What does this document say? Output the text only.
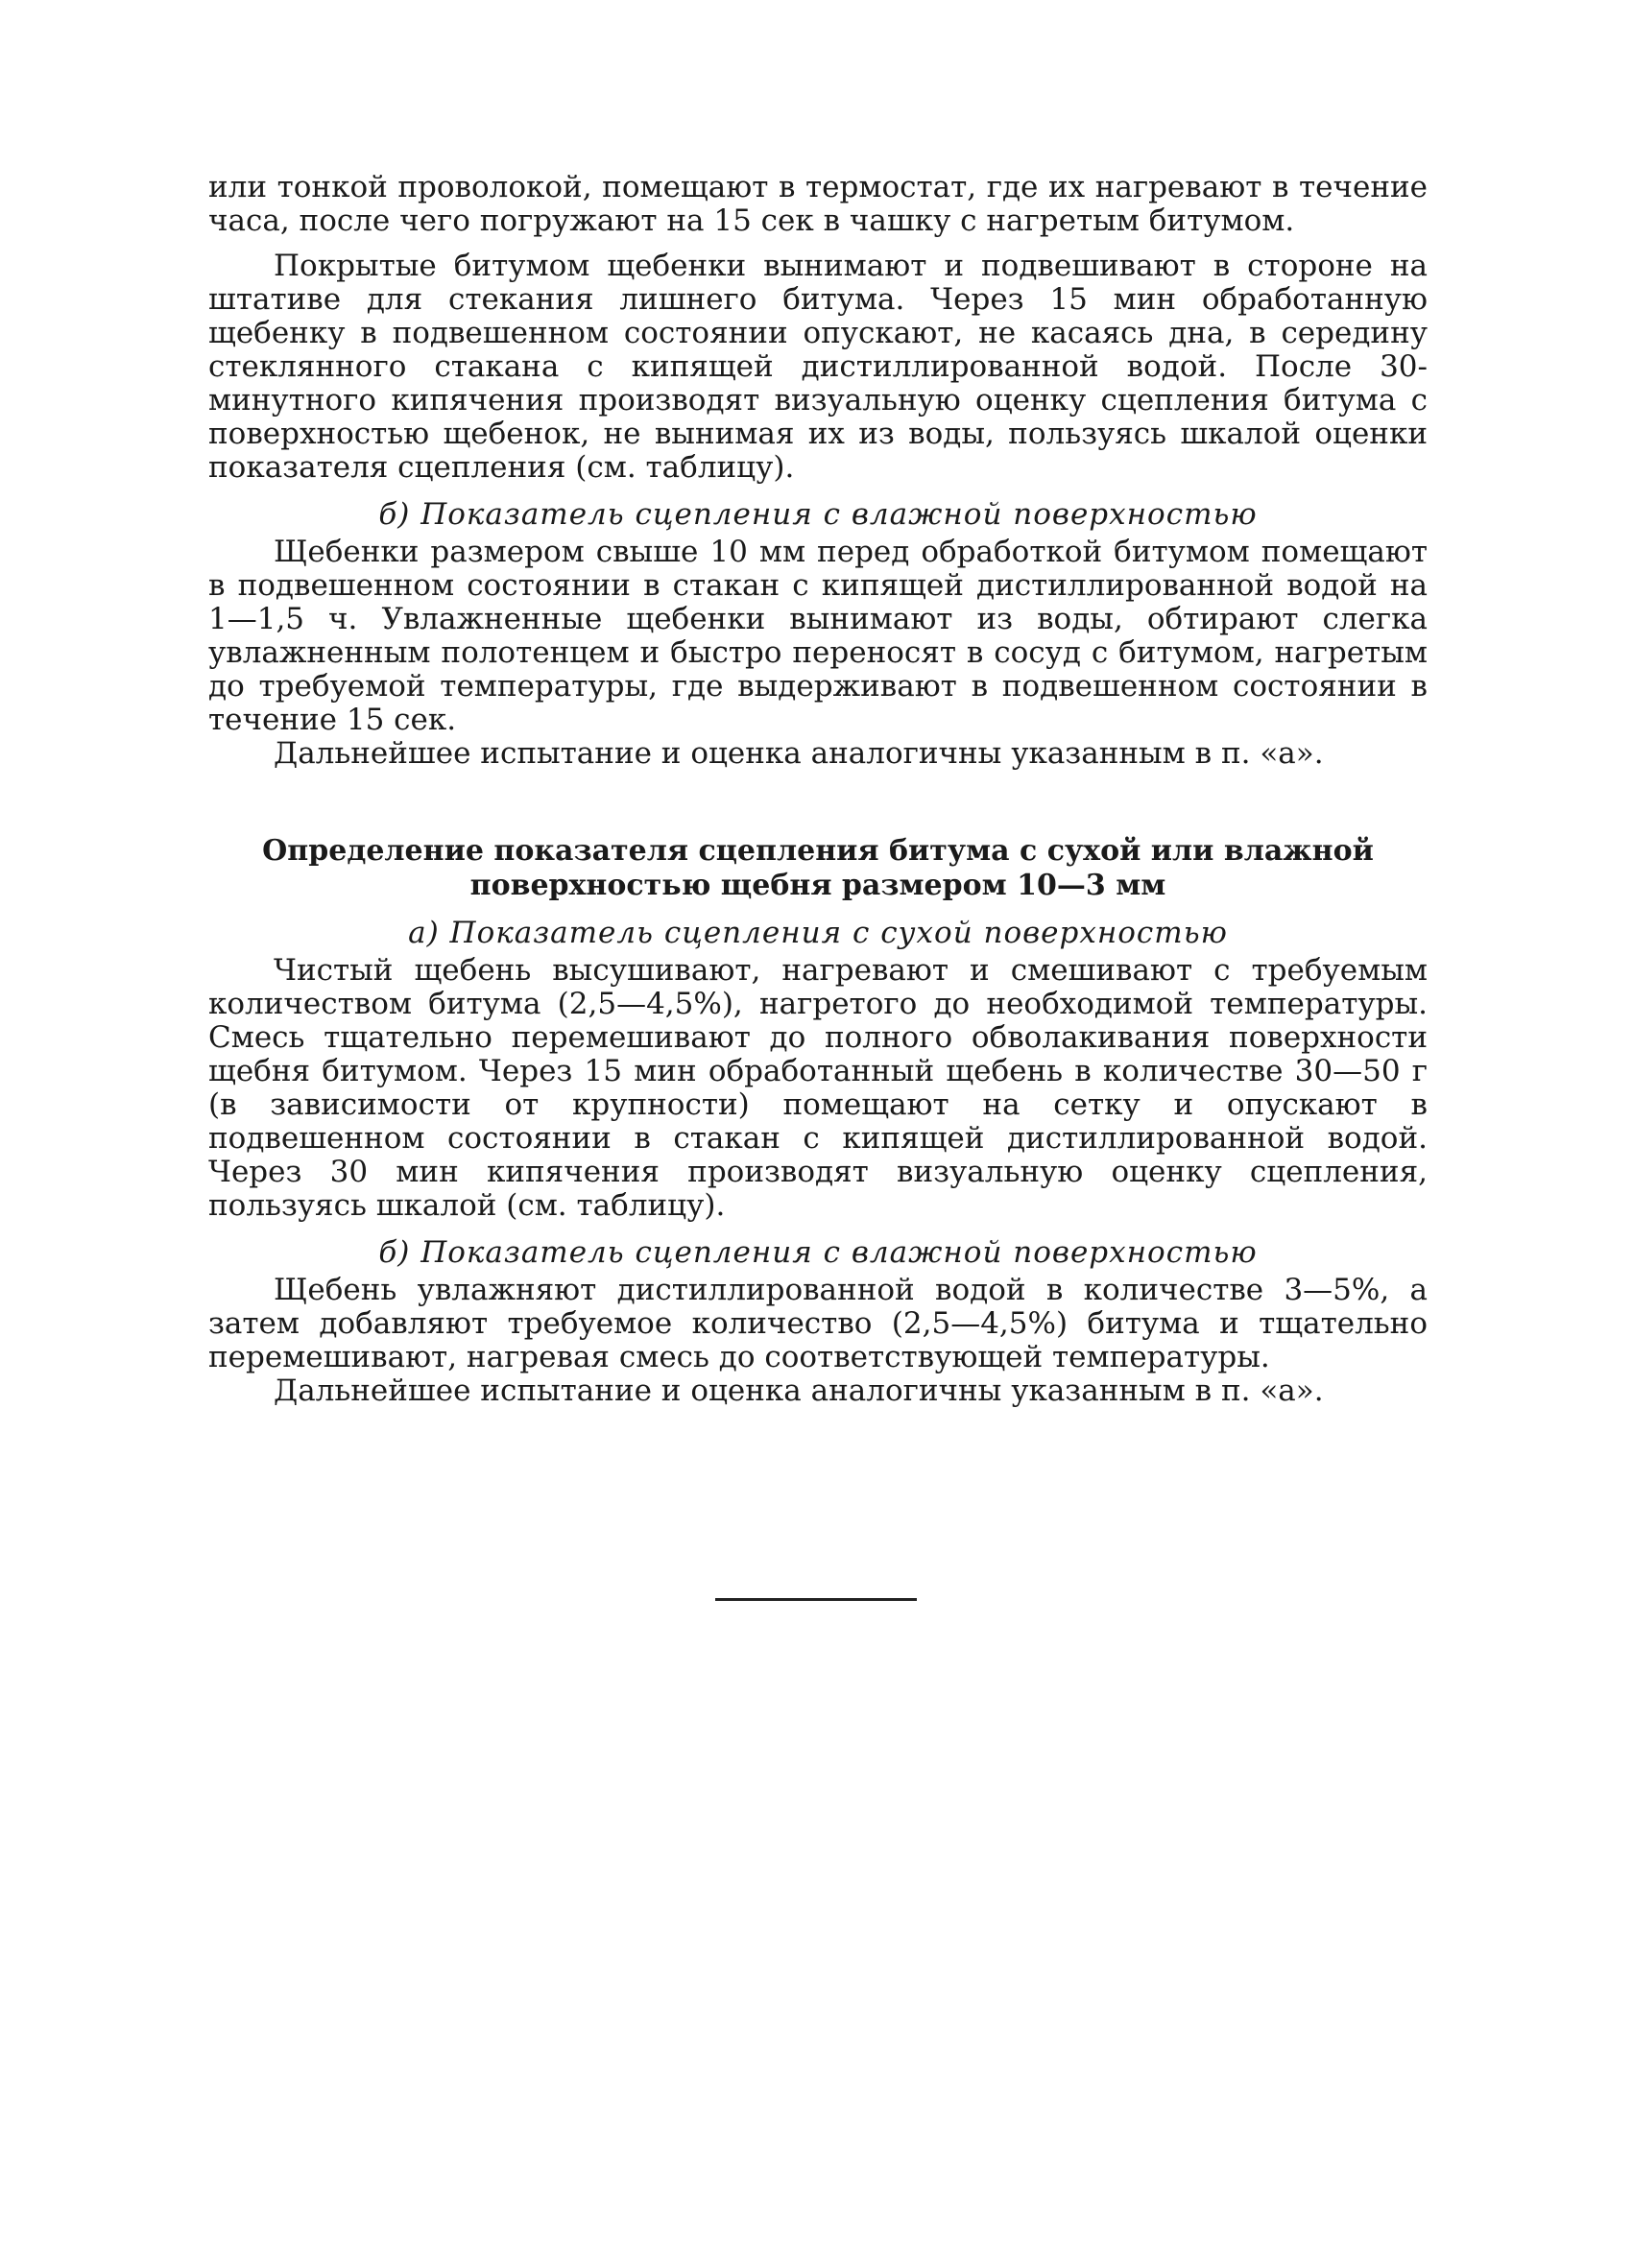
или тонкой проволокой, помещают в термостат, где их нагревают в течение часа, после чего погружают на 15 сек в чашку с нагретым битумом.

Покрытые битумом щебенки вынимают и подвешивают в стороне на штативе для стекания лишнего битума. Через 15 мин обработанную щебенку в подвешенном состоянии опускают, не касаясь дна, в середину стеклянного стакана с кипящей дистиллированной водой. После 30-минутного кипячения производят визуальную оценку сцепления битума с поверхностью щебенок, не вынимая их из воды, пользуясь шкалой оценки показателя сцепления (см. таблицу).

б) Показатель сцепления с влажной поверхностью

Щебенки размером свыше 10 мм перед обработкой битумом помещают в подвешенном состоянии в стакан с кипящей дистиллированной водой на 1—1,5 ч. Увлажненные щебенки вынимают из воды, обтирают слегка увлажненным полотенцем и быстро переносят в сосуд с битумом, нагретым до требуемой температуры, где выдерживают в подвешенном состоянии в течение 15 сек.

Дальнейшее испытание и оценка аналогичны указанным в п. «а».

Определение показателя сцепления битума с сухой или влажной поверхностью щебня размером 10—3 мм
а) Показатель сцепления с сухой поверхностью

Чистый щебень высушивают, нагревают и смешивают с требуемым количеством битума (2,5—4,5%), нагретого до необходимой температуры. Смесь тщательно перемешивают до полного обволакивания поверхности щебня битумом. Через 15 мин обработанный щебень в количестве 30—50 г (в зависимости от крупности) помещают на сетку и опускают в подвешенном состоянии в стакан с кипящей дистиллированной водой. Через 30 мин кипячения производят визуальную оценку сцепления, пользуясь шкалой (см. таблицу).

б) Показатель сцепления с влажной поверхностью

Щебень увлажняют дистиллированной водой в количестве 3—5%, а затем добавляют требуемое количество (2,5—4,5%) битума и тщательно перемешивают, нагревая смесь до соответствующей температуры.

Дальнейшее испытание и оценка аналогичны указанным в п. «а».
